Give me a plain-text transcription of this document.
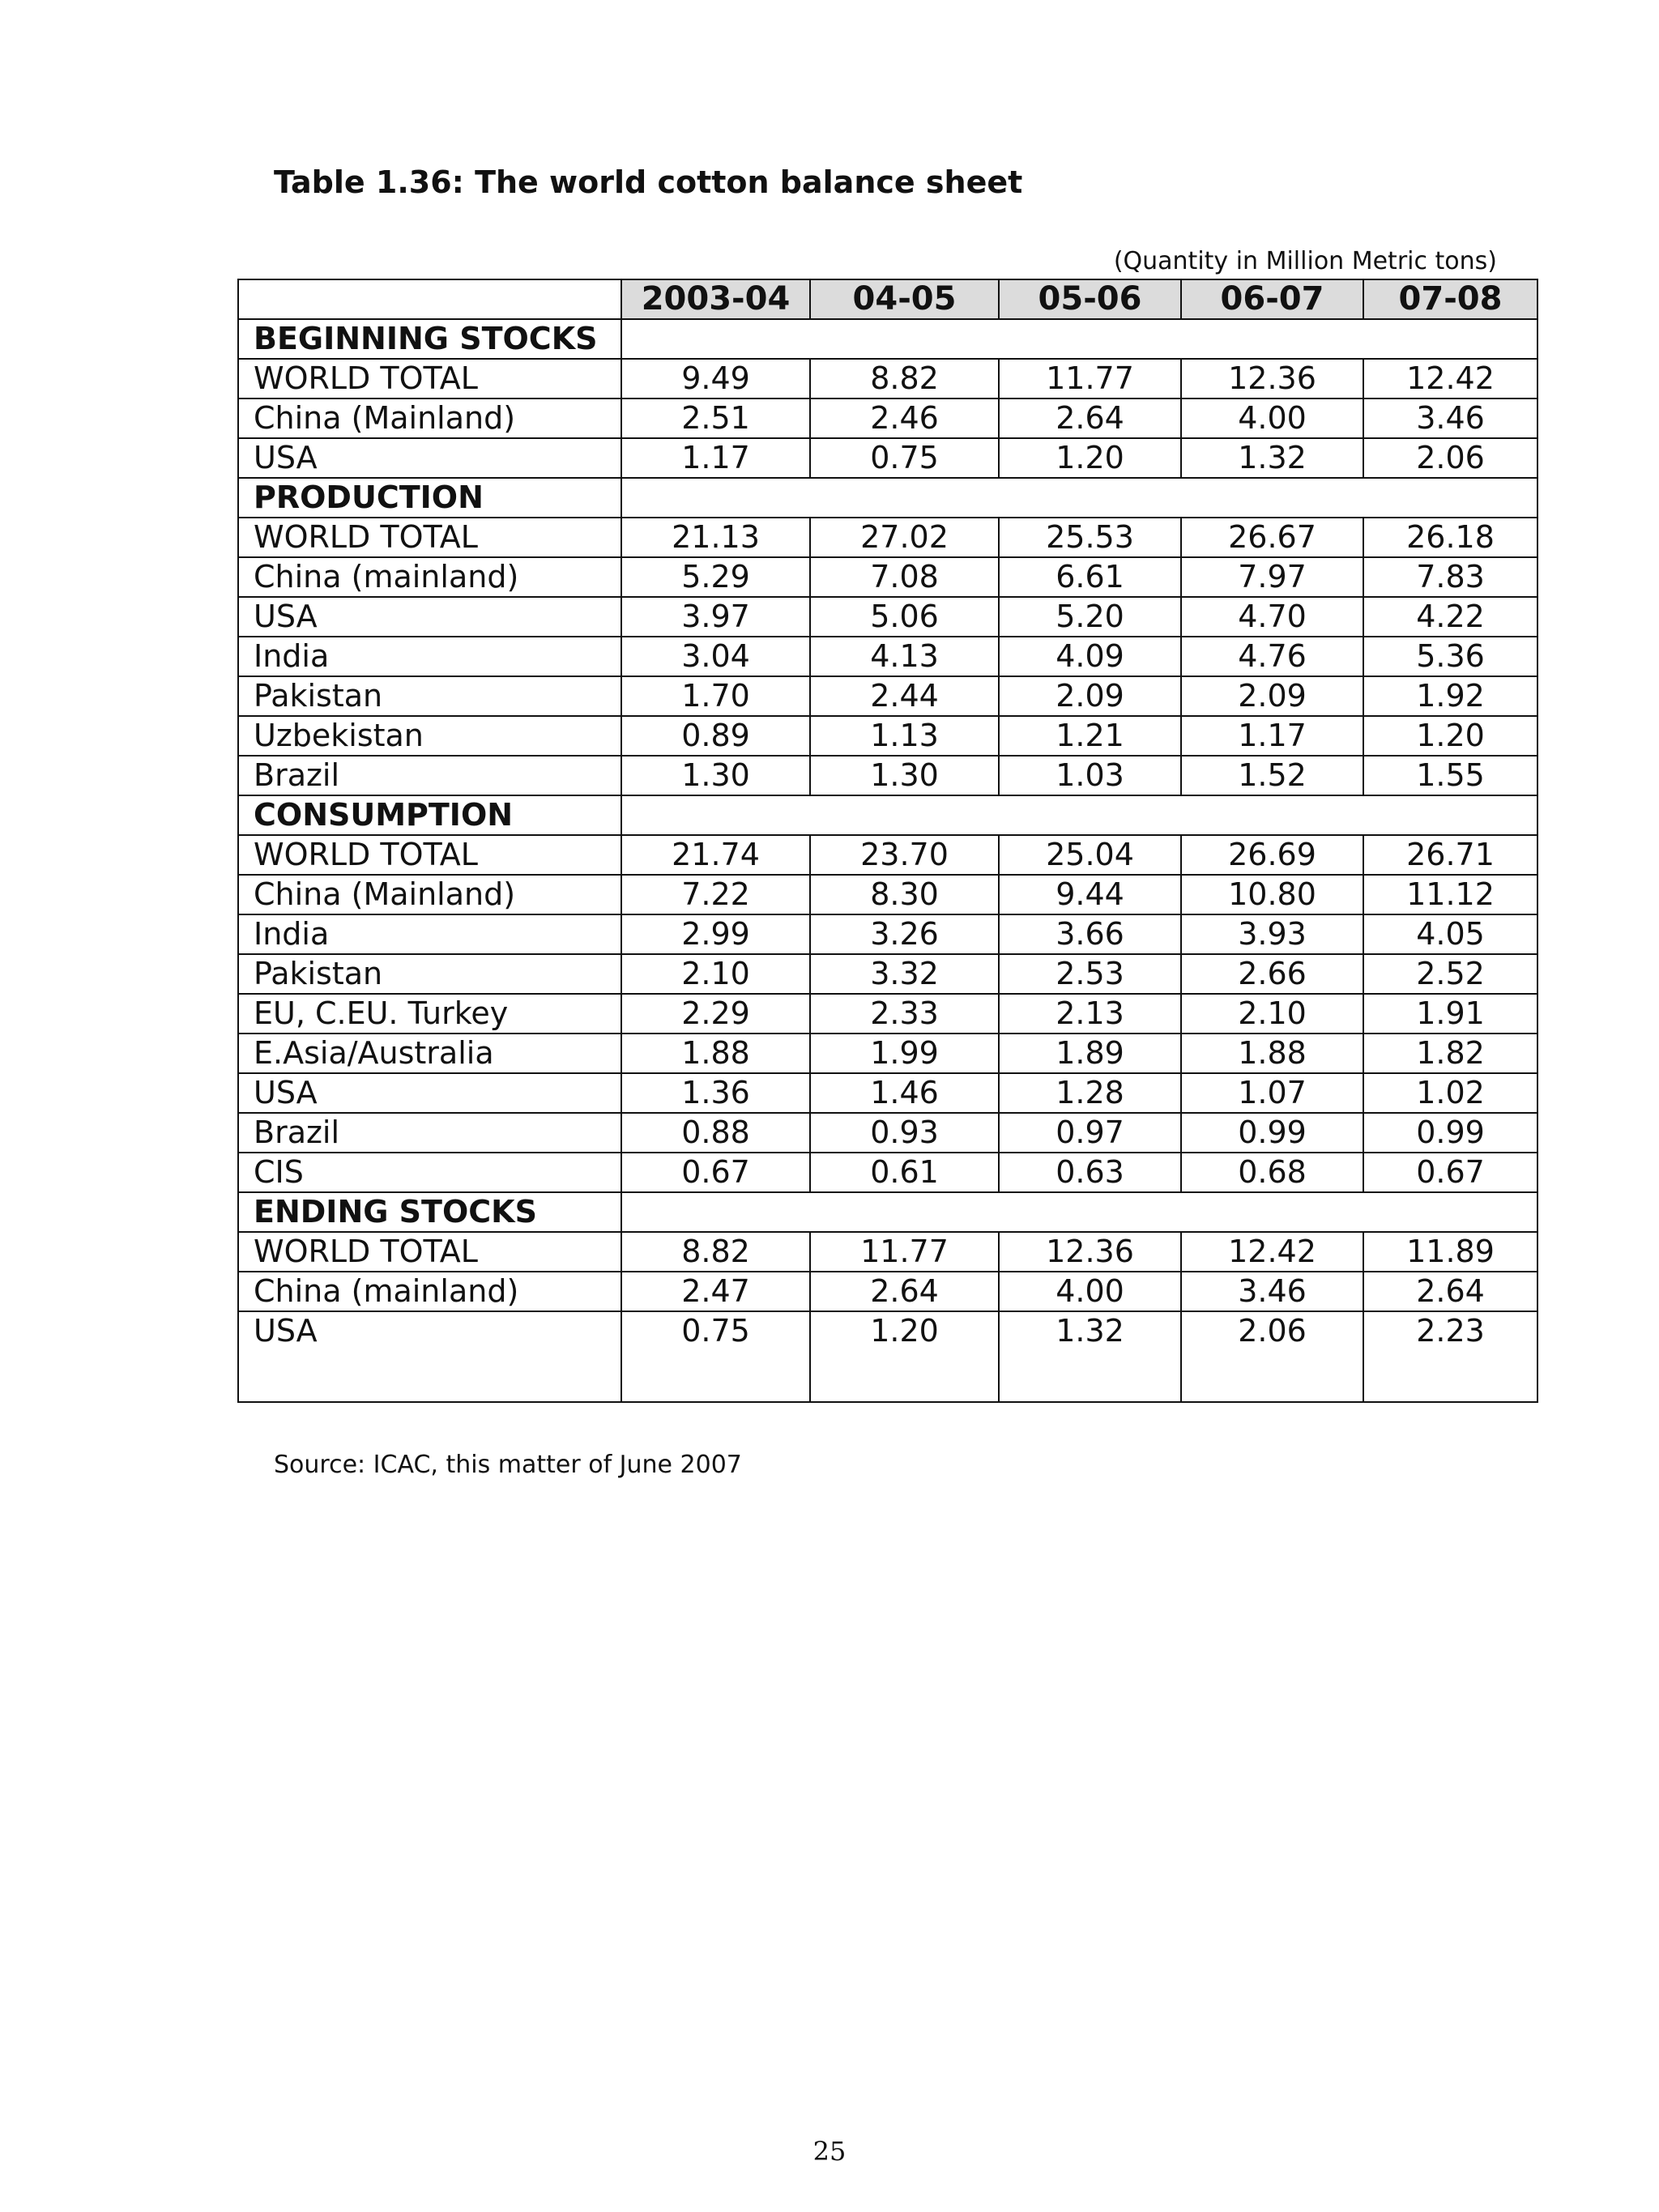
Table 1.36: The world cotton balance sheet
(Quantity in Million Metric tons)
	2003-04	04-05	05-06	06-07	07-08
BEGINNING STOCKS					
WORLD TOTAL	9.49	8.82	11.77	12.36	12.42
China (Mainland)	2.51	2.46	2.64	4.00	3.46
USA	1.17	0.75	1.20	1.32	2.06
PRODUCTION					
WORLD TOTAL	21.13	27.02	25.53	26.67	26.18
China (mainland)	5.29	7.08	6.61	7.97	7.83
USA	3.97	5.06	5.20	4.70	4.22
India	3.04	4.13	4.09	4.76	5.36
Pakistan	1.70	2.44	2.09	2.09	1.92
Uzbekistan	0.89	1.13	1.21	1.17	1.20
Brazil	1.30	1.30	1.03	1.52	1.55
CONSUMPTION					
WORLD TOTAL	21.74	23.70	25.04	26.69	26.71
China (Mainland)	7.22	8.30	9.44	10.80	11.12
India	2.99	3.26	3.66	3.93	4.05
Pakistan	2.10	3.32	2.53	2.66	2.52
EU, C.EU. Turkey	2.29	2.33	2.13	2.10	1.91
E.Asia/Australia	1.88	1.99	1.89	1.88	1.82
USA	1.36	1.46	1.28	1.07	1.02
Brazil	0.88	0.93	0.97	0.99	0.99
CIS	0.67	0.61	0.63	0.68	0.67
ENDING STOCKS					
WORLD TOTAL	8.82	11.77	12.36	12.42	11.89
China (mainland)	2.47	2.64	4.00	3.46	2.64
USA	0.75	1.20	1.32	2.06	2.23
Source: ICAC, this matter of June 2007
25
